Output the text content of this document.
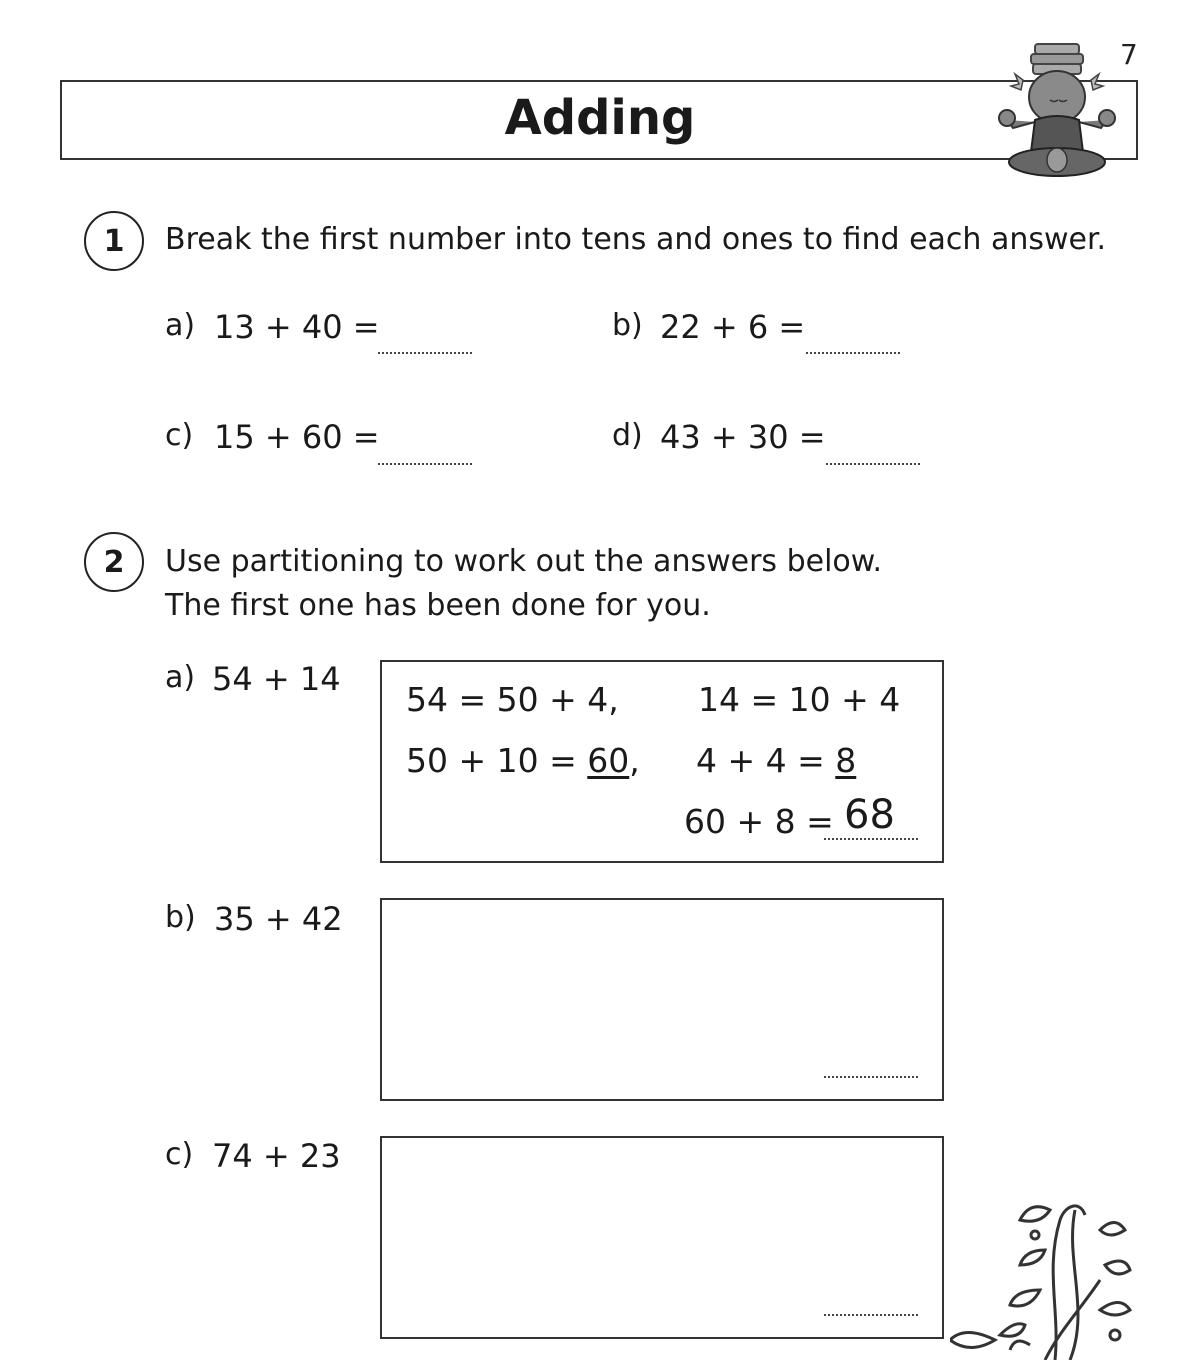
7
Adding
1	Break the first number into tens and ones to find each answer.
a) 13 + 40 =	b) 22 + 6 =
c) 15 + 60 =	d) 43 + 30 =
2	Use partitioning to work out the answers below.
The first one has been done for you.
a) 54 + 14
54 = 50 + 4, 14 = 10 + 4
50 + 10 = 60, 4 + 4 = 8
60 + 8 = 68
b) 35 + 42
c) 74 + 23
